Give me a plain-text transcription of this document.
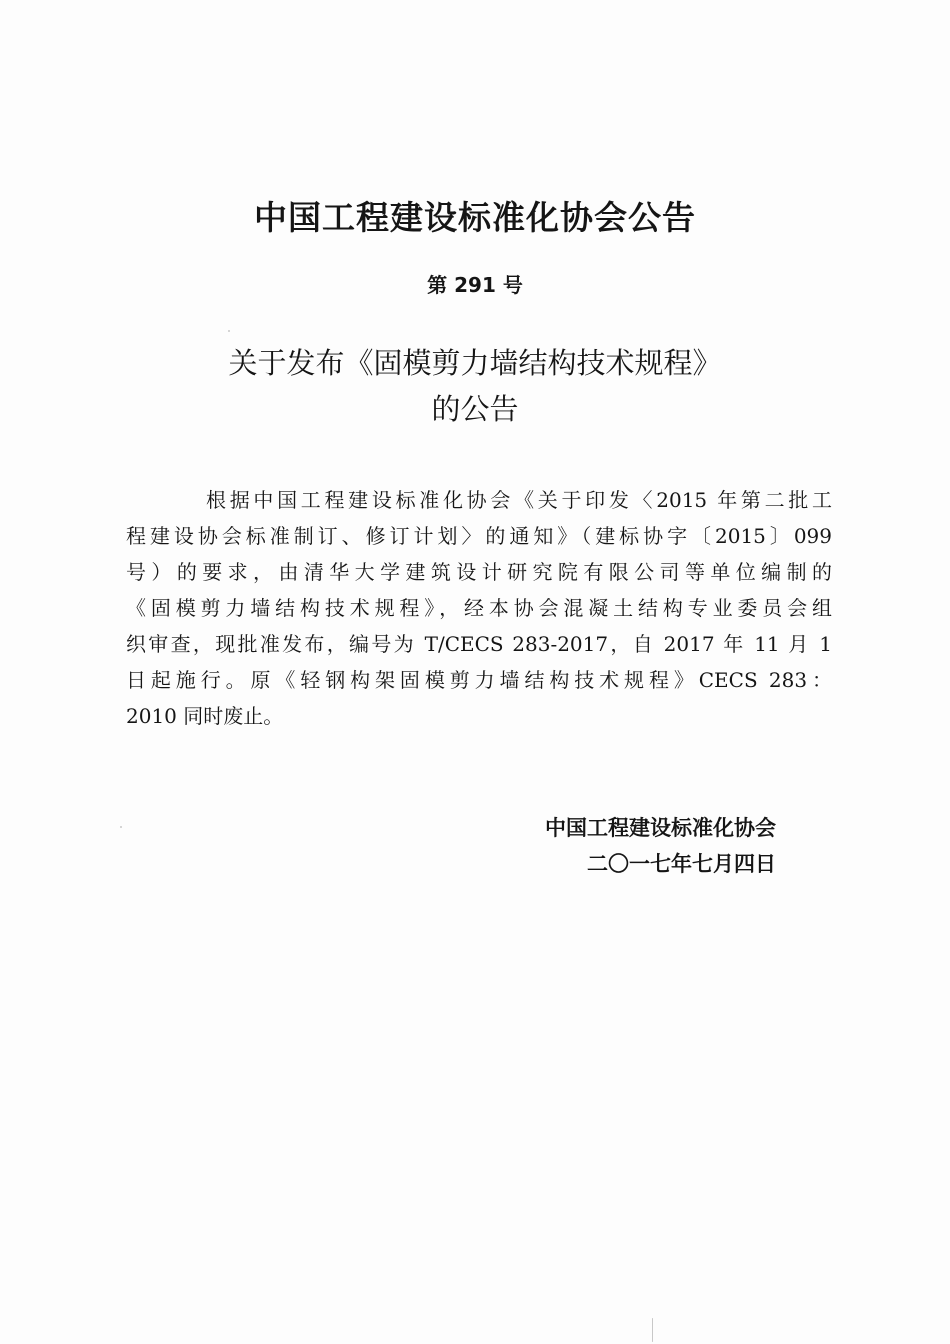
中国工程建设标准化协会公告
第 291 号
关于发布《固模剪力墙结构技术规程》
的公告
根据中国工程建设标准化协会《关于印发〈2015 年第二批工
程建设协会标准制订、修订计划〉的通知》（建标协字〔2015〕099
号）的要求，由清华大学建筑设计研究院有限公司等单位编制的
《固模剪力墙结构技术规程》，经本协会混凝土结构专业委员会组
织审查，现批准发布，编号为 T/CECS 283-2017，自 2017 年 11 月 1
日起施行。原《轻钢构架固模剪力墙结构技术规程》CECS 283：
2010 同时废止。
中国工程建设标准化协会
二〇一七年七月四日
